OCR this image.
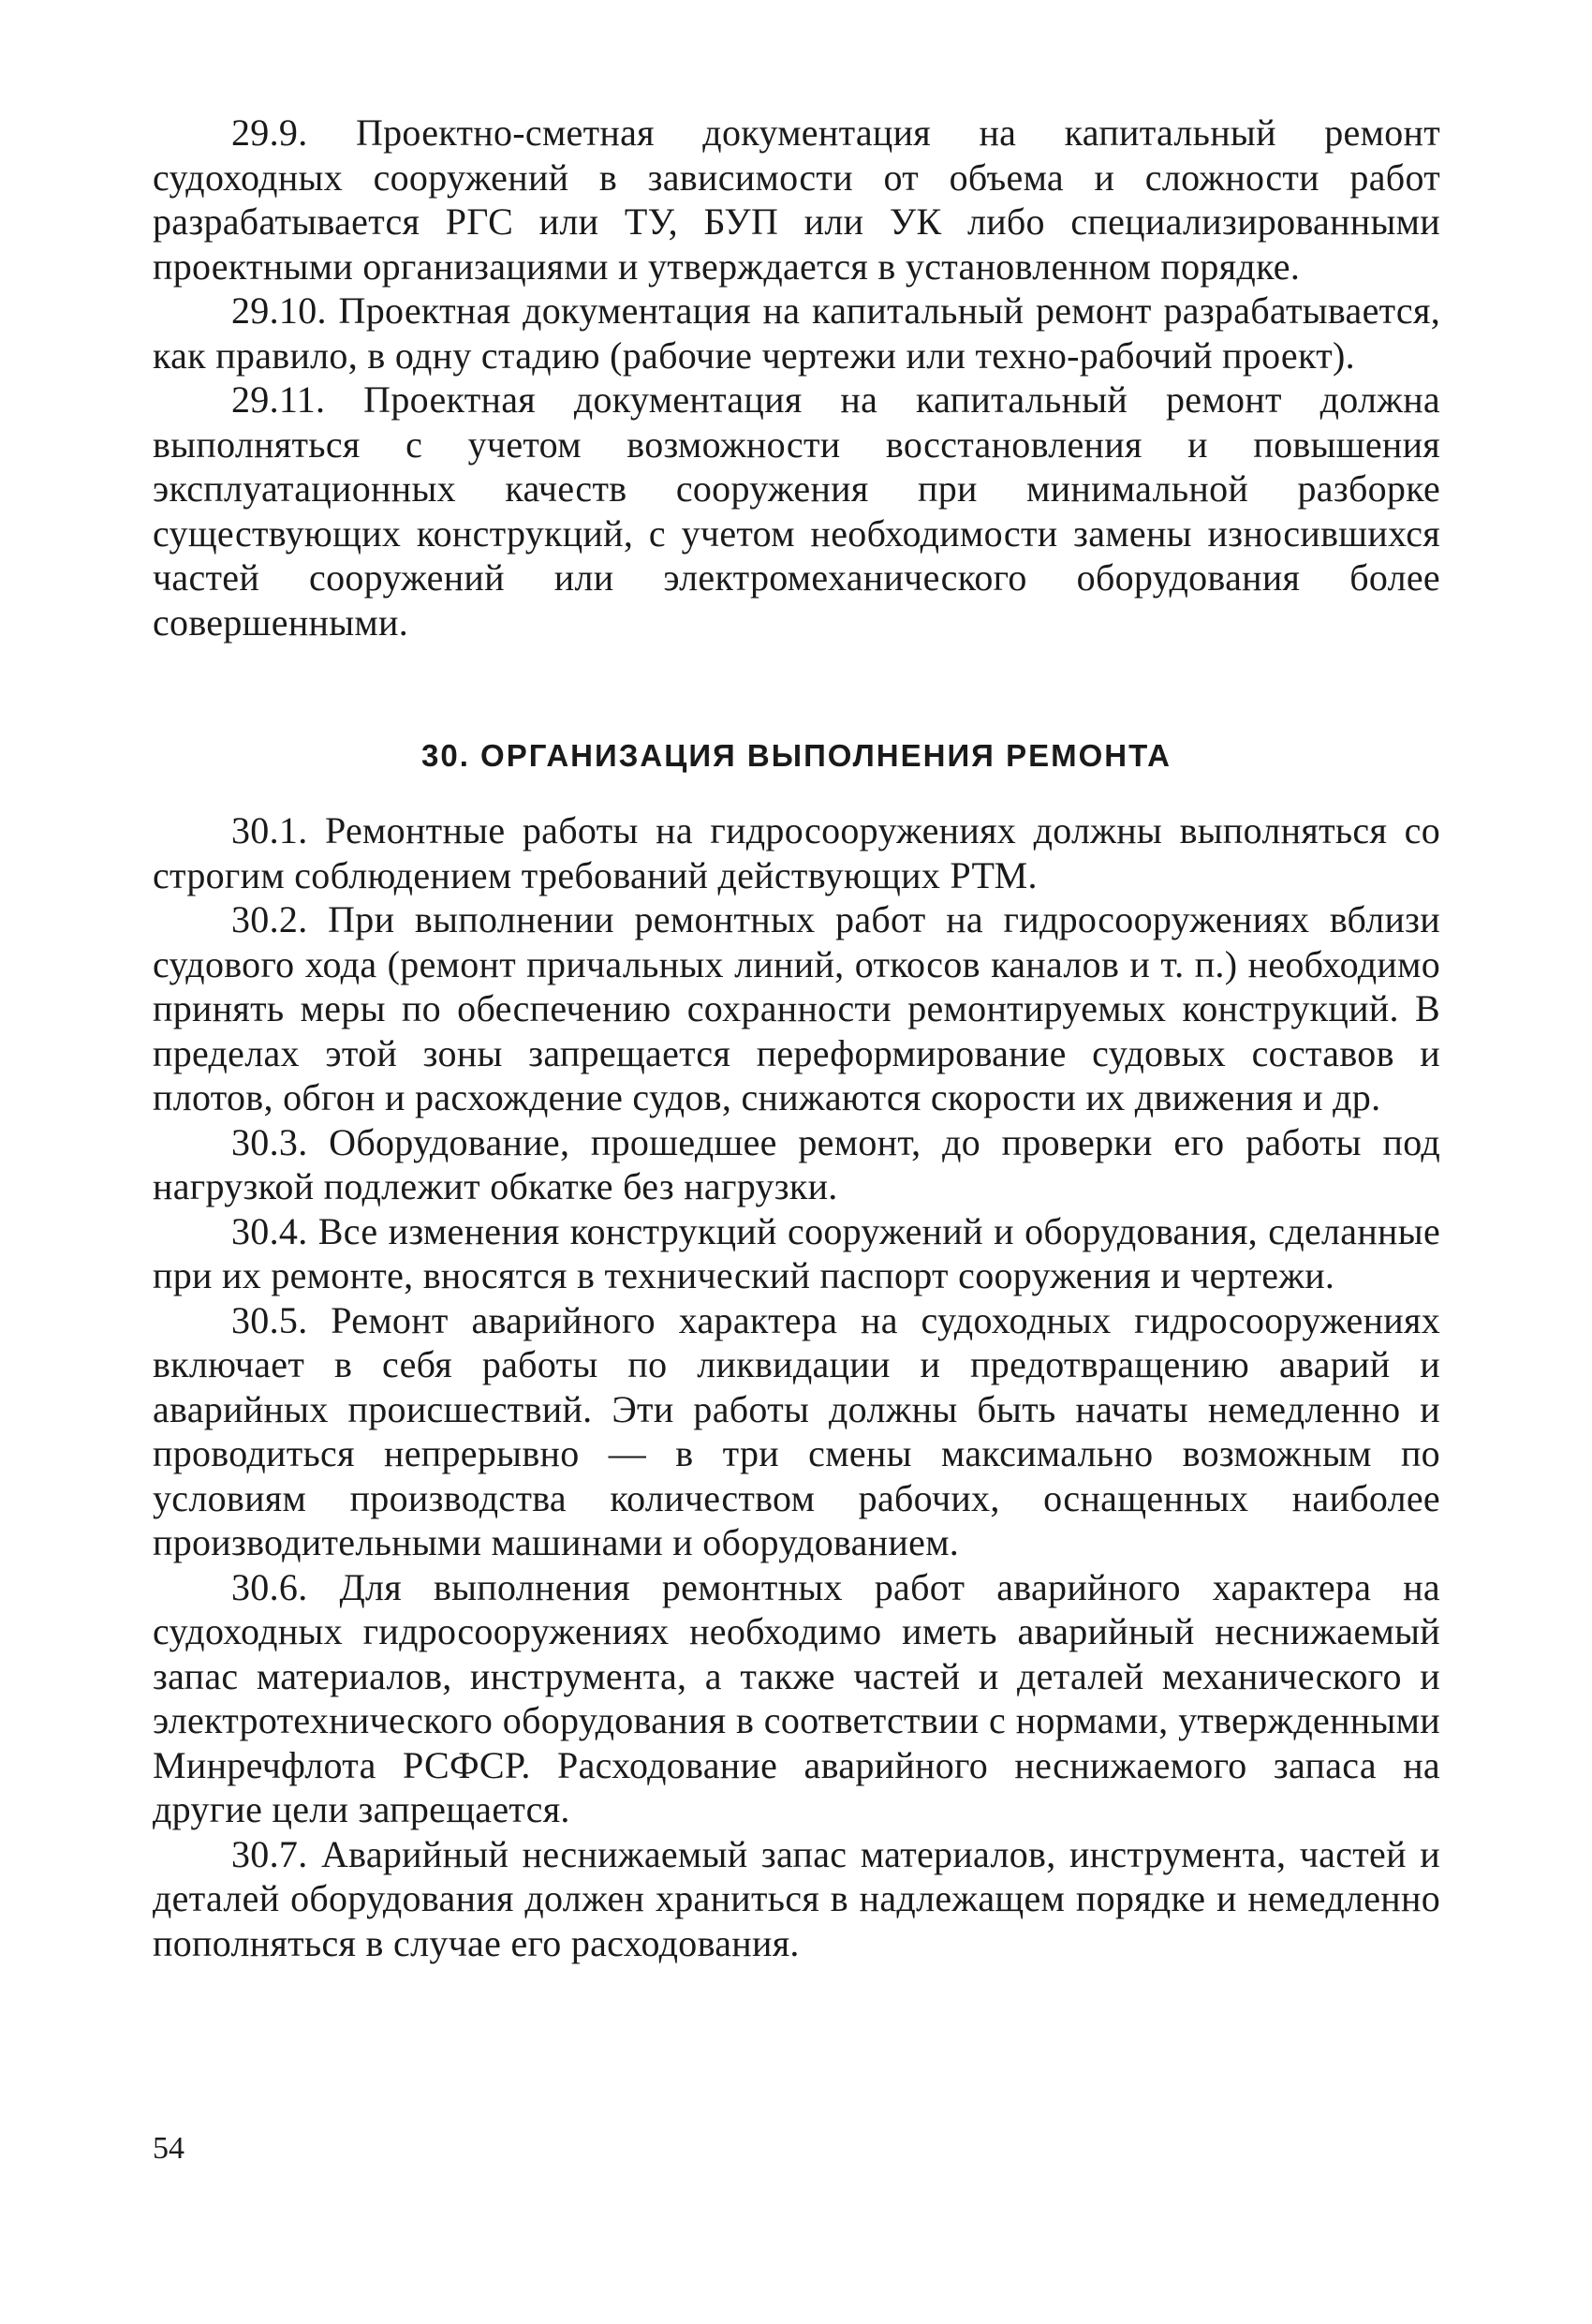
29.9. Проектно-сметная документация на капитальный ремонт судоходных сооружений в зависимости от объема и сложности работ разрабатывается РГС или ТУ, БУП или УК либо специализированными проектными организациями и утверждается в установленном порядке.

29.10. Проектная документация на капитальный ремонт разрабатывается, как правило, в одну стадию (рабочие чертежи или техно-рабочий проект).

29.11. Проектная документация на капитальный ремонт должна выполняться с учетом возможности восстановления и повышения эксплуатационных качеств сооружения при минимальной разборке существующих конструкций, с учетом необходимости замены износившихся частей сооружений или электромеханического оборудования более совершенными.

30. ОРГАНИЗАЦИЯ ВЫПОЛНЕНИЯ РЕМОНТА

30.1. Ремонтные работы на гидросооружениях должны выполняться со строгим соблюдением требований действующих РТМ.

30.2. При выполнении ремонтных работ на гидросооружениях вблизи судового хода (ремонт причальных линий, откосов каналов и т. п.) необходимо принять меры по обеспечению сохранности ремонтируемых конструкций. В пределах этой зоны запрещается переформирование судовых составов и плотов, обгон и расхождение судов, снижаются скорости их движения и др.

30.3. Оборудование, прошедшее ремонт, до проверки его работы под нагрузкой подлежит обкатке без нагрузки.

30.4. Все изменения конструкций сооружений и оборудования, сделанные при их ремонте, вносятся в технический паспорт сооружения и чертежи.

30.5. Ремонт аварийного характера на судоходных гидросооружениях включает в себя работы по ликвидации и предотвращению аварий и аварийных происшествий. Эти работы должны быть начаты немедленно и проводиться непрерывно — в три смены максимально возможным по условиям производства количеством рабочих, оснащенных наиболее производительными машинами и оборудованием.

30.6. Для выполнения ремонтных работ аварийного характера на судоходных гидросооружениях необходимо иметь аварийный неснижаемый запас материалов, инструмента, а также частей и деталей механического и электротехнического оборудования в соответствии с нормами, утвержденными Минречфлота РСФСР. Расходование аварийного неснижаемого запаса на другие цели запрещается.

30.7. Аварийный неснижаемый запас материалов, инструмента, частей и деталей оборудования должен храниться в надлежащем порядке и немедленно пополняться в случае его расходования.

54
